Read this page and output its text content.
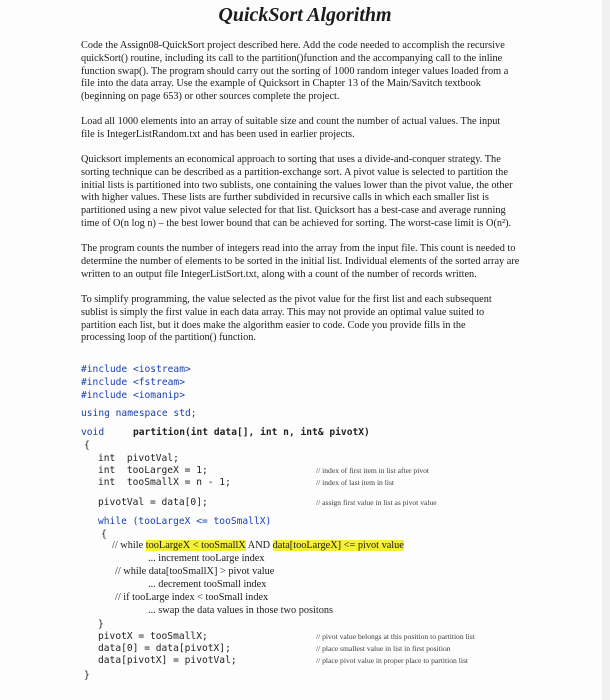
QuickSort Algorithm
Code the Assign08-QuickSort project described here. Add the code needed to accomplish the recursive
quickSort() routine, including its call to the partition()function and the accompanying call to the inline
function swap(). The program should carry out the sorting of 1000 random integer values loaded from a
file into the data array. Use the example of Quicksort in Chapter 13 of the Main/Savitch textbook
(beginning on page 653) or other sources complete the project.
Load all 1000 elements into an array of suitable size and count the number of actual values. The input
file is IntegerListRandom.txt and has been used in earlier projects.
Quicksort implements an economical approach to sorting that uses a divide-and-conquer strategy. The
sorting technique can be described as a partition-exchange sort. A pivot value is selected to partition the
initial lists is partitioned into two sublists, one containing the values lower than the pivot value, the other
with higher values. These lists are further subdivided in recursive calls in which each smaller list is
partitioned using a new pivot value selected for that list. Quicksort has a best-case and average running
time of O(n log n) – the best lower bound that can be achieved for sorting. The worst-case limit is O(n²).
The program counts the number of integers read into the array from the input file. This count is needed to
determine the number of elements to be sorted in the initial list. Individual elements of the sorted array are
written to an output file IntegerListSort.txt, along with a count of the number of records written.
To simplify programming, the value selected as the pivot value for the first list and each subsequent
sublist is simply the first value in each data array. This may not provide an optimal value suited to
partition each list, but it does make the algorithm easier to code. Code you provide fills in the
processing loop of the partition() function.
#include <iostream>
#include <fstream>
#include <iomanip>
using namespace std;
void	partition(int data[], int n, int& pivotX)
{
int  pivotVal;
int  tooLargeX = 1;
int  tooSmallX = n - 1;
// index of first item in list after pivot
// index of last item in list
pivotVal = data[0];	// assign first value in list as pivot value
while (tooLargeX <= tooSmallX)
{
// while tooLargeX < tooSmallX AND data[tooLargeX] <= pivot value
... increment tooLarge index
// while data[tooSmallX] > pivot value
... decrement tooSmall index
// if tooLarge index < tooSmall index
... swap the data values in those two positons
}
pivotX = tooSmallX;
data[0] = data[pivotX];
data[pivotX] = pivotVal;
// pivot value belongs at this position to partition list
// place smallest value in list in first position
// place pivot value in proper place to partition list
}
